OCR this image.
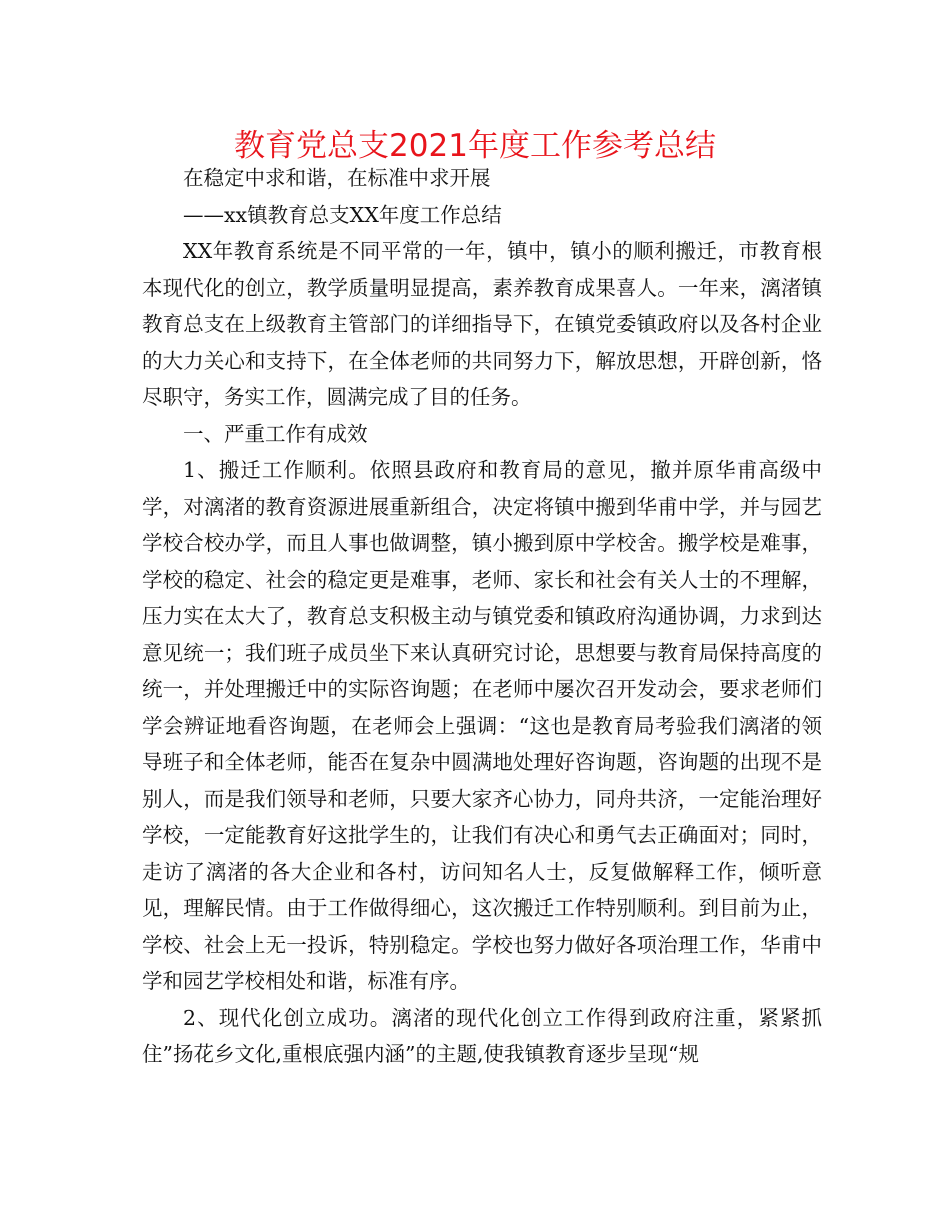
教育党总支2021年度工作参考总结

在稳定中求和谐，在标准中求开展

——xx镇教育总支XX年度工作总结

XX年教育系统是不同平常的一年，镇中，镇小的顺利搬迁，市教育根本现代化的创立，教学质量明显提高，素养教育成果喜人。一年来，漓渚镇教育总支在上级教育主管部门的详细指导下，在镇党委镇政府以及各村企业的大力关心和支持下，在全体老师的共同努力下，解放思想，开辟创新，恪尽职守，务实工作，圆满完成了目的任务。

一、严重工作有成效

1、搬迁工作顺利。依照县政府和教育局的意见，撤并原华甫高级中学，对漓渚的教育资源进展重新组合，决定将镇中搬到华甫中学，并与园艺学校合校办学，而且人事也做调整，镇小搬到原中学校舍。搬学校是难事，学校的稳定、社会的稳定更是难事，老师、家长和社会有关人士的不理解，压力实在太大了，教育总支积极主动与镇党委和镇政府沟通协调，力求到达意见统一；我们班子成员坐下来认真研究讨论，思想要与教育局保持高度的统一，并处理搬迁中的实际咨询题；在老师中屡次召开发动会，要求老师们学会辨证地看咨询题，在老师会上强调：“这也是教育局考验我们漓渚的领导班子和全体老师，能否在复杂中圆满地处理好咨询题，咨询题的出现不是别人，而是我们领导和老师，只要大家齐心协力，同舟共济，一定能治理好学校，一定能教育好这批学生的，让我们有决心和勇气去正确面对；同时，走访了漓渚的各大企业和各村，访问知名人士，反复做解释工作，倾听意见，理解民情。由于工作做得细心，这次搬迁工作特别顺利。到目前为止，学校、社会上无一投诉，特别稳定。学校也努力做好各项治理工作，华甫中学和园艺学校相处和谐，标准有序。

2、现代化创立成功。漓渚的现代化创立工作得到政府注重，紧紧抓住”扬花乡文化,重根底强内涵”的主题,使我镇教育逐步呈现“规
